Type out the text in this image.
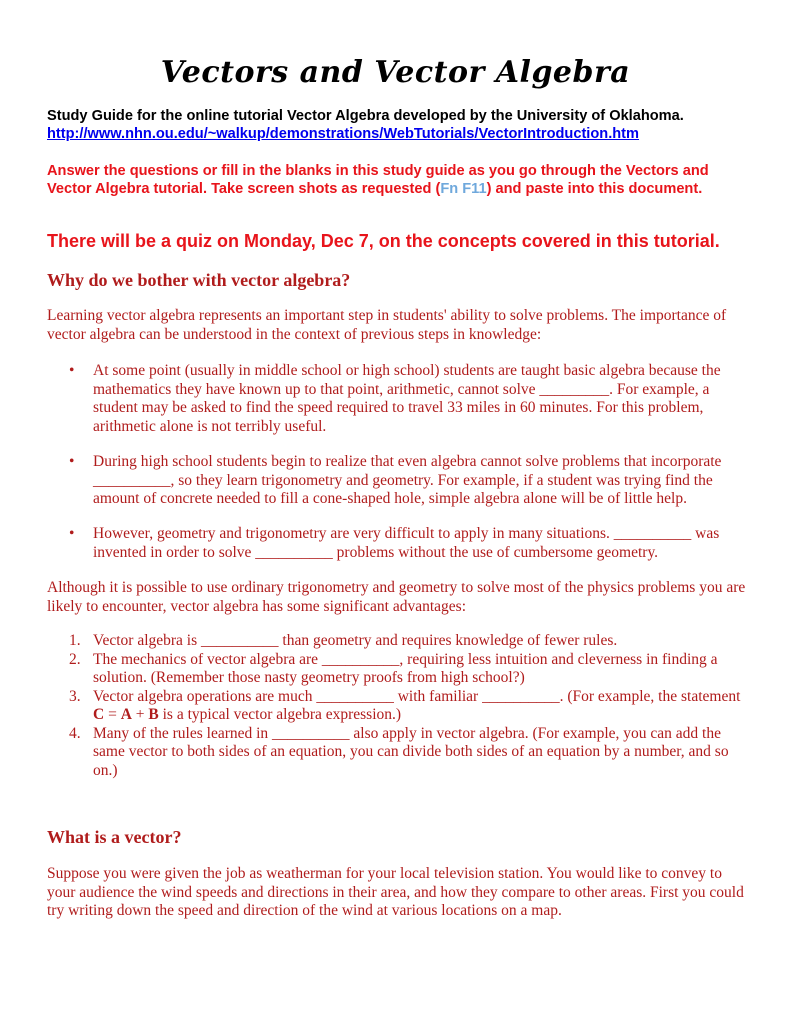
Vectors and Vector Algebra
Study Guide for the online tutorial Vector Algebra developed by the University of Oklahoma.
http://www.nhn.ou.edu/~walkup/demonstrations/WebTutorials/VectorIntroduction.htm
Answer the questions or fill in the blanks in this study guide as you go through the Vectors and Vector Algebra tutorial. Take screen shots as requested (Fn F11) and paste into this document.
There will be a quiz on Monday, Dec 7, on the concepts covered in this tutorial.
Why do we bother with vector algebra?
Learning vector algebra represents an important step in students' ability to solve problems. The importance of vector algebra can be understood in the context of previous steps in knowledge:
• At some point (usually in middle school or high school) students are taught basic algebra because the mathematics they have known up to that point, arithmetic, cannot solve _________. For example, a student may be asked to find the speed required to travel 33 miles in 60 minutes. For this problem, arithmetic alone is not terribly useful.
• During high school students begin to realize that even algebra cannot solve problems that incorporate __________, so they learn trigonometry and geometry. For example, if a student was trying find the amount of concrete needed to fill a cone-shaped hole, simple algebra alone will be of little help.
• However, geometry and trigonometry are very difficult to apply in many situations. __________ was invented in order to solve __________ problems without the use of cumbersome geometry.
Although it is possible to use ordinary trigonometry and geometry to solve most of the physics problems you are likely to encounter, vector algebra has some significant advantages:
1. Vector algebra is __________ than geometry and requires knowledge of fewer rules.
2. The mechanics of vector algebra are __________, requiring less intuition and cleverness in finding a solution. (Remember those nasty geometry proofs from high school?)
3. Vector algebra operations are much __________ with familiar __________. (For example, the statement C = A + B is a typical vector algebra expression.)
4. Many of the rules learned in __________ also apply in vector algebra. (For example, you can add the same vector to both sides of an equation, you can divide both sides of an equation by a number, and so on.)
What is a vector?
Suppose you were given the job as weatherman for your local television station. You would like to convey to your audience the wind speeds and directions in their area, and how they compare to other areas. First you could try writing down the speed and direction of the wind at various locations on a map.
